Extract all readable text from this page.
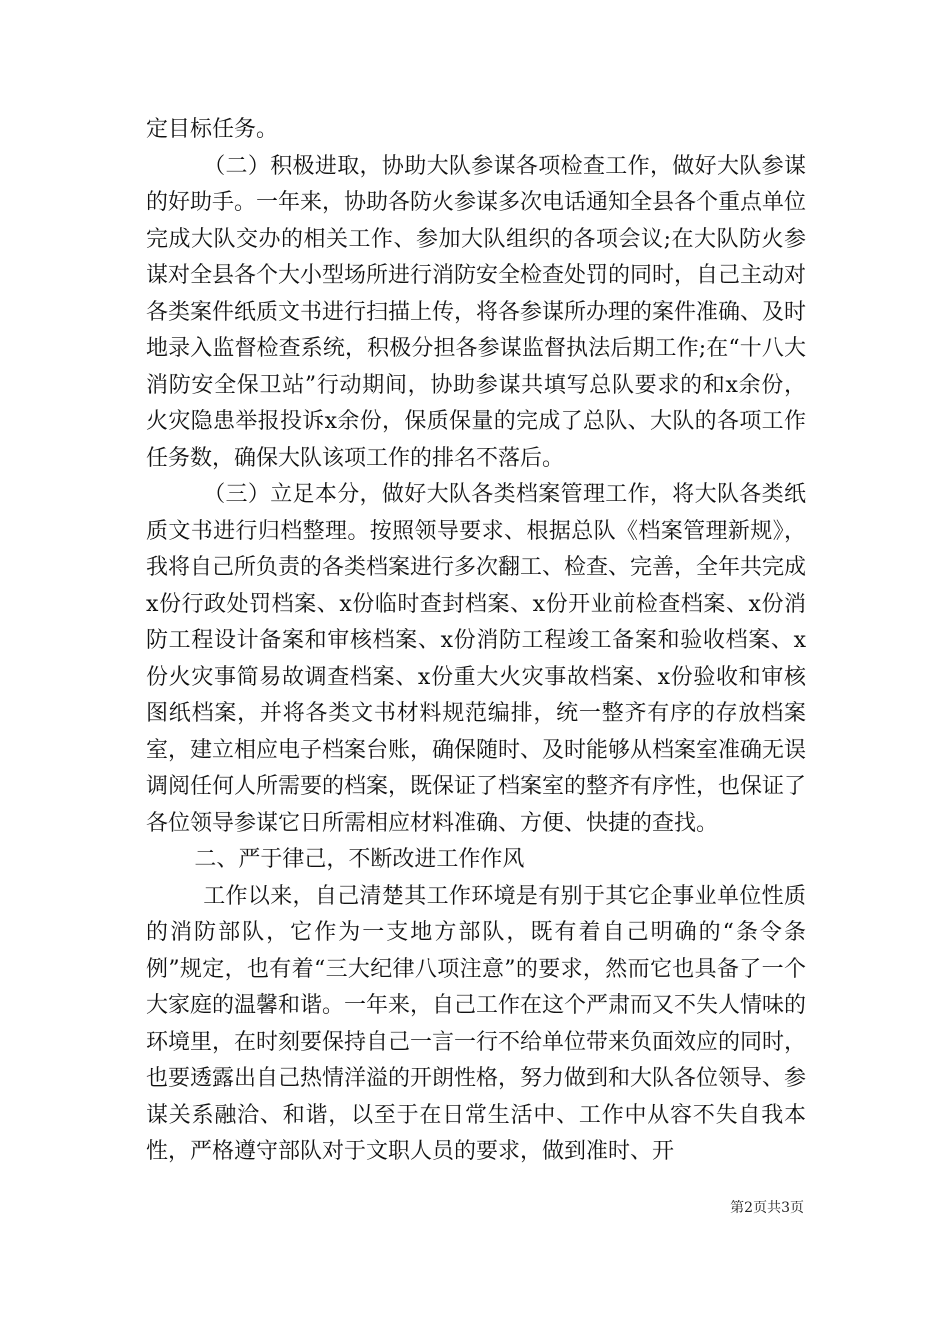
定目标任务。

（二）积极进取，协助大队参谋各项检查工作，做好大队参谋的好助手。一年来，协助各防火参谋多次电话通知全县各个重点单位完成大队交办的相关工作、参加大队组织的各项会议;在大队防火参谋对全县各个大小型场所进行消防安全检查处罚的同时，自己主动对各类案件纸质文书进行扫描上传，将各参谋所办理的案件准确、及时地录入监督检查系统，积极分担各参谋监督执法后期工作;在“十八大消防安全保卫站”行动期间，协助参谋共填写总队要求的和x余份，火灾隐患举报投诉x余份，保质保量的完成了总队、大队的各项工作任务数，确保大队该项工作的排名不落后。

（三）立足本分，做好大队各类档案管理工作，将大队各类纸质文书进行归档整理。按照领导要求、根据总队《档案管理新规》，我将自己所负责的各类档案进行多次翻工、检查、完善，全年共完成x份行政处罚档案、x份临时查封档案、x份开业前检查档案、x份消防工程设计备案和审核档案、x份消防工程竣工备案和验收档案、x份火灾事简易故调查档案、x份重大火灾事故档案、x份验收和审核图纸档案，并将各类文书材料规范编排，统一整齐有序的存放档案室，建立相应电子档案台账，确保随时、及时能够从档案室准确无误调阅任何人所需要的档案，既保证了档案室的整齐有序性，也保证了各位领导参谋它日所需相应材料准确、方便、快捷的查找。

二、严于律己，不断改进工作作风

工作以来，自己清楚其工作环境是有别于其它企事业单位性质的消防部队，它作为一支地方部队，既有着自己明确的“条令条例”规定，也有着“三大纪律八项注意”的要求，然而它也具备了一个大家庭的温馨和谐。一年来，自己工作在这个严肃而又不失人情味的环境里，在时刻要保持自己一言一行不给单位带来负面效应的同时，也要透露出自己热情洋溢的开朗性格，努力做到和大队各位领导、参谋关系融洽、和谐，以至于在日常生活中、工作中从容不失自我本性，严格遵守部队对于文职人员的要求，做到准时、开

第2页共3页
